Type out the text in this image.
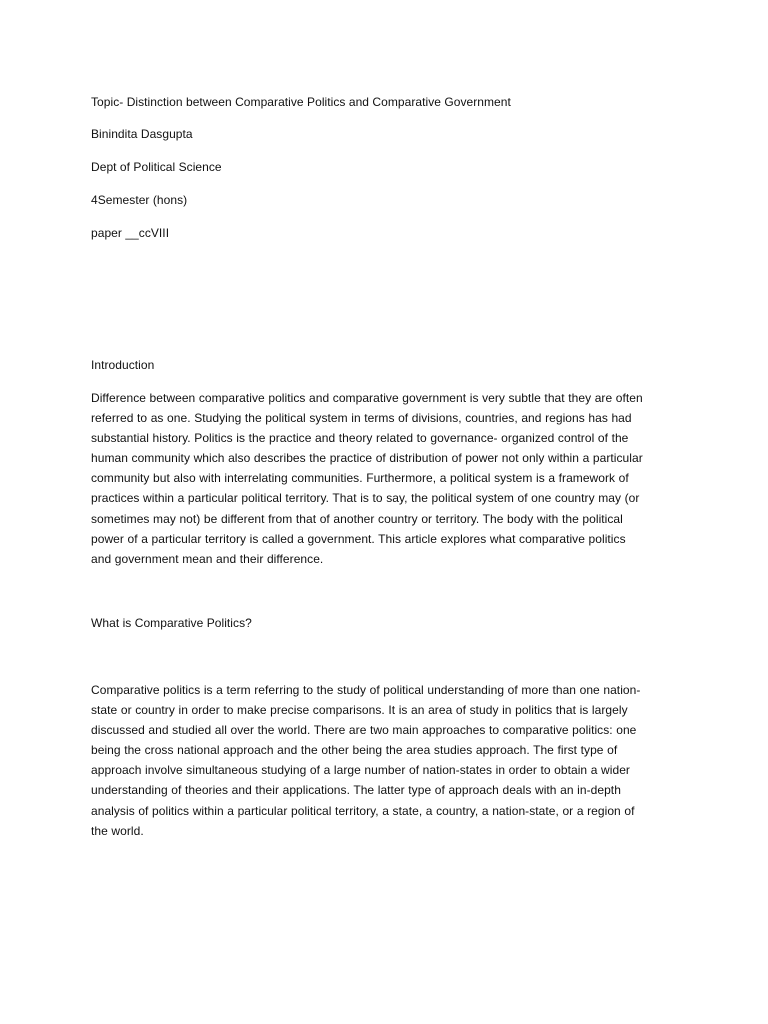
Topic- Distinction between Comparative Politics and Comparative Government
Binindita Dasgupta
Dept of Political Science
4Semester (hons)
paper __ccVIII
Introduction
Difference between comparative politics and comparative government is very subtle that they are often
referred to as one. Studying the political system in terms of divisions, countries, and regions has had
substantial history. Politics is the practice and theory related to governance- organized control of the
human community which also describes the practice of distribution of power not only within a particular
community but also with interrelating communities. Furthermore, a political system is a framework of
practices within a particular political territory. That is to say, the political system of one country may (or
sometimes may not) be different from that of another country or territory. The body with the political
power of a particular territory is called a government. This article explores what comparative politics
and government mean and their difference.
What is Comparative Politics?
Comparative politics is a term referring to the study of political understanding of more than one nation-
state or country in order to make precise comparisons. It is an area of study in politics that is largely
discussed and studied all over the world. There are two main approaches to comparative politics: one
being the cross national approach and the other being the area studies approach. The first type of
approach involve simultaneous studying of a large number of nation-states in order to obtain a wider
understanding of theories and their applications. The latter type of approach deals with an in-depth
analysis of politics within a particular political territory, a state, a country, a nation-state, or a region of
the world.
